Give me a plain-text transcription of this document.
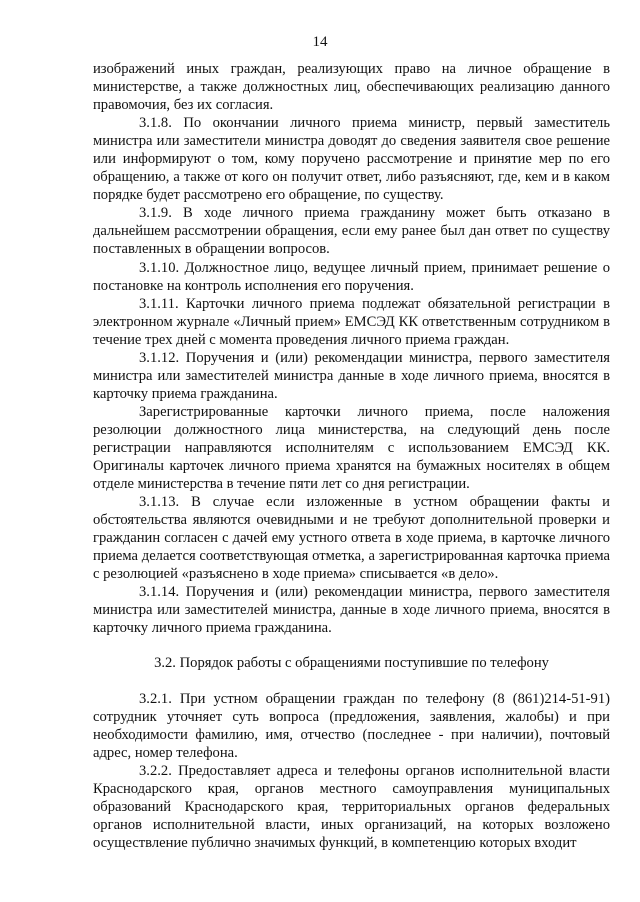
14

изображений иных граждан, реализующих право на личное обращение в министерстве, а также должностных лиц, обеспечивающих реализацию данного правомочия, без их согласия.

3.1.8. По окончании личного приема министр, первый заместитель министра или заместители министра доводят до сведения заявителя свое решение или информируют о том, кому поручено рассмотрение и принятие мер по его обращению, а также от кого он получит ответ, либо разъясняют, где, кем и в каком порядке будет рассмотрено его обращение, по существу.

3.1.9. В ходе личного приема гражданину может быть отказано в дальнейшем рассмотрении обращения, если ему ранее был дан ответ по существу поставленных в обращении вопросов.

3.1.10. Должностное лицо, ведущее личный прием, принимает решение о постановке на контроль исполнения его поручения.

3.1.11. Карточки личного приема подлежат обязательной регистрации в электронном журнале «Личный прием» ЕМСЭД КК ответственным сотрудником в течение трех дней с момента проведения личного приема граждан.

3.1.12. Поручения и (или) рекомендации министра, первого заместителя министра или заместителей министра данные в ходе личного приема, вносятся в карточку приема гражданина.

Зарегистрированные карточки личного приема, после наложения резолюции должностного лица министерства, на следующий день после регистрации направляются исполнителям с использованием ЕМСЭД КК. Оригиналы карточек личного приема хранятся на бумажных носителях в общем отделе министерства в течение пяти лет со дня регистрации.

3.1.13. В случае если изложенные в устном обращении факты и обстоятельства являются очевидными и не требуют дополнительной проверки и гражданин согласен с дачей ему устного ответа в ходе приема, в карточке личного приема делается соответствующая отметка, а зарегистрированная карточка приема с резолюцией «разъяснено в ходе приема» списывается «в дело».

3.1.14. Поручения и (или) рекомендации министра, первого заместителя министра или заместителей министра, данные в ходе личного приема, вносятся в карточку личного приема гражданина.

3.2. Порядок работы с обращениями поступившие по телефону

3.2.1. При устном обращении граждан по телефону (8 (861)214-51-91) сотрудник уточняет суть вопроса (предложения, заявления, жалобы) и при необходимости фамилию, имя, отчество (последнее - при наличии), почтовый адрес, номер телефона.

3.2.2. Предоставляет адреса и телефоны органов исполнительной власти Краснодарского края, органов местного самоуправления муниципальных образований Краснодарского края, территориальных органов федеральных органов исполнительной власти, иных организаций, на которых возложено осуществление публично значимых функций, в компетенцию которых входит
